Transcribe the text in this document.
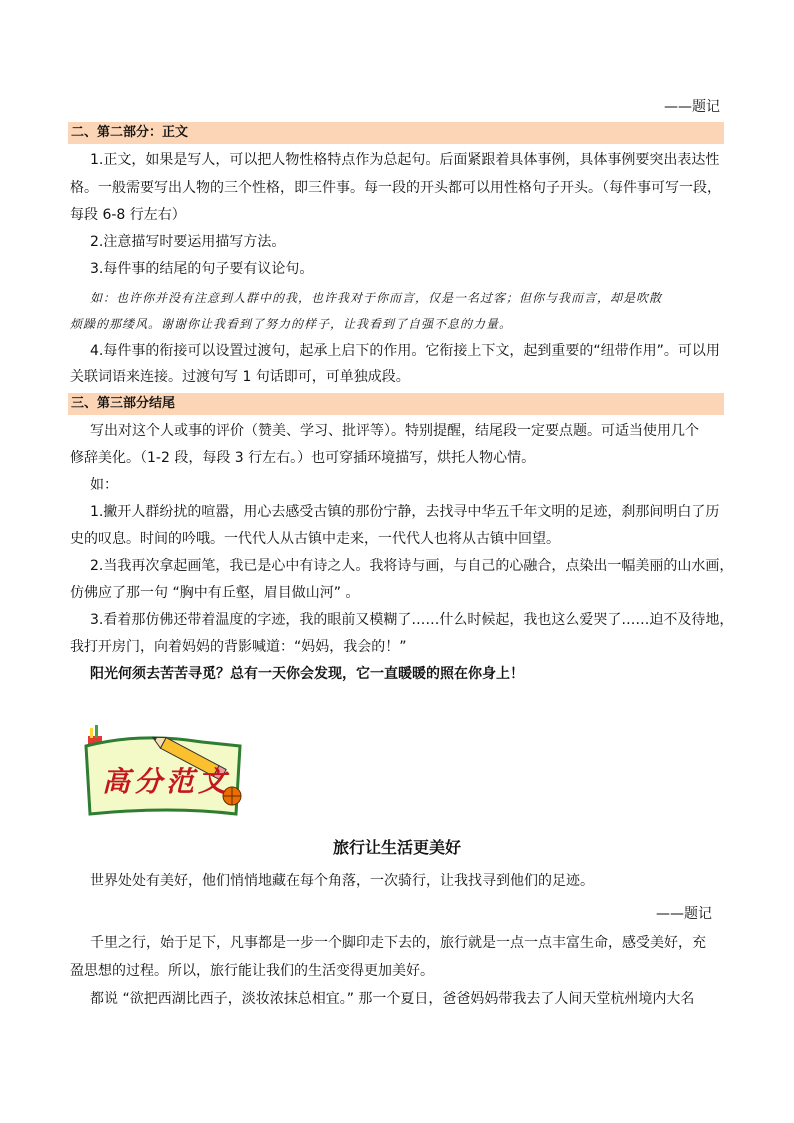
——题记
二、第二部分：正文
1.正文，如果是写人，可以把人物性格特点作为总起句。后面紧跟着具体事例，具体事例要突出表达性
格。一般需要写出人物的三个性格，即三件事。每一段的开头都可以用性格句子开头。（每件事可写一段，
每段 6-8 行左右）
2.注意描写时要运用描写方法。
3.每件事的结尾的句子要有议论句。
如：也许你并没有注意到人群中的我，也许我对于你而言，仅是一名过客；但你与我而言，却是吹散
烦躁的那缕风。谢谢你让我看到了努力的样子，让我看到了自强不息的力量。
4.每件事的衔接可以设置过渡句，起承上启下的作用。它衔接上下文，起到重要的“纽带作用”。可以用
关联词语来连接。过渡句写 1 句话即可，可单独成段。
三、第三部分结尾
写出对这个人或事的评价（赞美、学习、批评等）。特别提醒，结尾段一定要点题。可适当使用几个
修辞美化。（1-2 段，每段 3 行左右。）也可穿插环境描写，烘托人物心情。
如：
1.撇开人群纷扰的喧嚣，用心去感受古镇的那份宁静，去找寻中华五千年文明的足迹，刹那间明白了历
史的叹息。时间的吟哦。一代代人从古镇中走来，一代代人也将从古镇中回望。
2.当我再次拿起画笔，我已是心中有诗之人。我将诗与画，与自己的心融合，点染出一幅美丽的山水画，
仿佛应了那一句 “胸中有丘壑，眉目做山河” 。
3.看着那仿佛还带着温度的字迹，我的眼前又模糊了……什么时候起，我也这么爱哭了……迫不及待地，
我打开房门，向着妈妈的背影喊道：“妈妈，我会的！”
阳光何须去苦苦寻觅？总有一天你会发现，它一直暖暖的照在你身上！
高分范文
旅行让生活更美好
世界处处有美好，他们悄悄地藏在每个角落，一次骑行，让我找寻到他们的足迹。
——题记
千里之行，始于足下，凡事都是一步一个脚印走下去的，旅行就是一点一点丰富生命，感受美好，充
盈思想的过程。所以，旅行能让我们的生活变得更加美好。
都说 “欲把西湖比西子，淡妆浓抹总相宜。” 那一个夏日，爸爸妈妈带我去了人间天堂杭州境内大名
